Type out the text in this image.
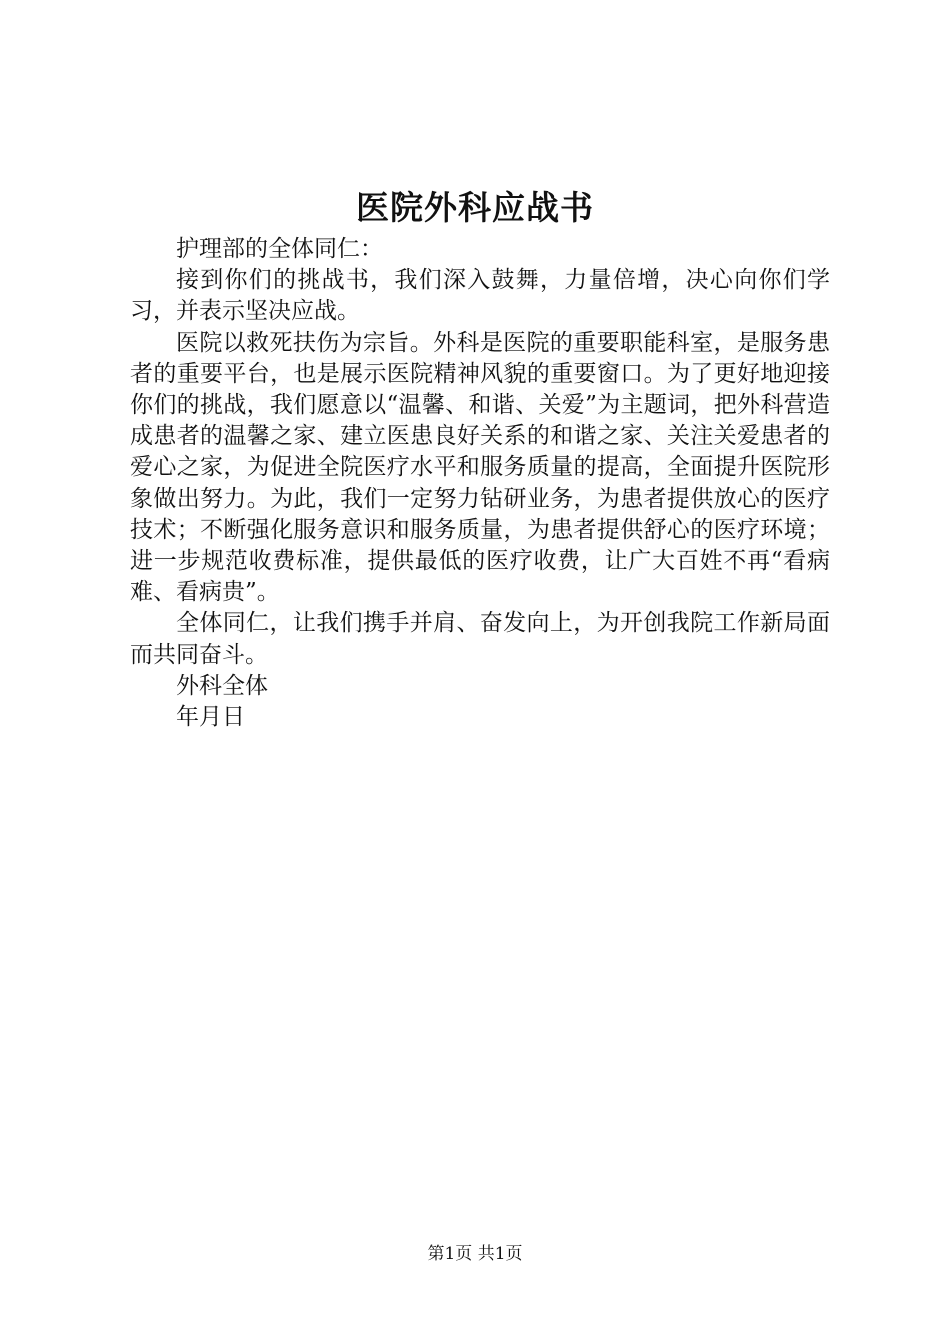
医院外科应战书

护理部的全体同仁：

接到你们的挑战书，我们深入鼓舞，力量倍增，决心向你们学习，并表示坚决应战。

医院以救死扶伤为宗旨。外科是医院的重要职能科室，是服务患者的重要平台，也是展示医院精神风貌的重要窗口。为了更好地迎接你们的挑战，我们愿意以“温馨、和谐、关爱”为主题词，把外科营造成患者的温馨之家、建立医患良好关系的和谐之家、关注关爱患者的爱心之家，为促进全院医疗水平和服务质量的提高，全面提升医院形象做出努力。为此，我们一定努力钻研业务，为患者提供放心的医疗技术；不断强化服务意识和服务质量，为患者提供舒心的医疗环境；进一步规范收费标准，提供最低的医疗收费，让广大百姓不再“看病难、看病贵”。

全体同仁，让我们携手并肩、奋发向上，为开创我院工作新局面而共同奋斗。

外科全体

年月日

第1页 共1页
